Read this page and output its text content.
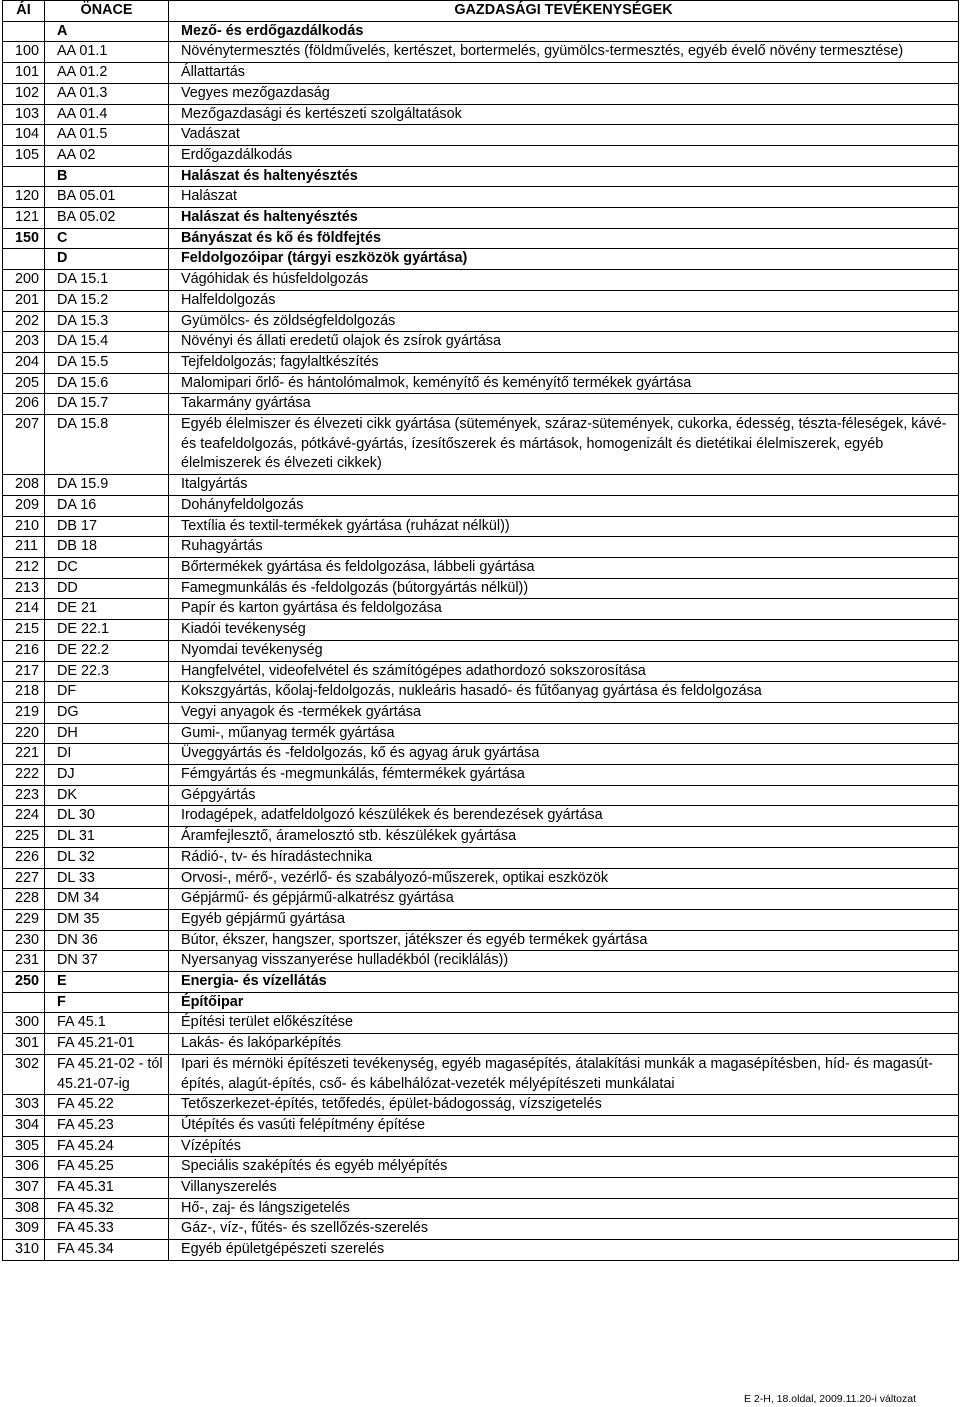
ÁI	ÖNACE	GAZDASÁGI TEVÉKENYSÉGEK
	A	Mező- és erdőgazdálkodás
100	AA 01.1	Növénytermesztés (földművelés, kertészet, bortermelés, gyümölcs-termesztés, egyéb évelő növény termesztése)
101	AA 01.2	Állattartás
102	AA 01.3	Vegyes mezőgazdaság
103	AA 01.4	Mezőgazdasági és kertészeti szolgáltatások
104	AA 01.5	Vadászat
105	AA 02	Erdőgazdálkodás
	B	Halászat és haltenyésztés
120	BA 05.01	Halászat
121	BA 05.02	Halászat és haltenyésztés
150	C	Bányászat és kő és földfejtés
	D	Feldolgozóipar (tárgyi eszközök gyártása)
200	DA 15.1	Vágóhidak és húsfeldolgozás
201	DA 15.2	Halfeldolgozás
202	DA 15.3	Gyümölcs- és zöldségfeldolgozás
203	DA 15.4	Növényi és állati eredetű olajok és zsírok gyártása
204	DA 15.5	Tejfeldolgozás; fagylaltkészítés
205	DA 15.6	Malomipari őrlő- és hántolómalmok, keményítő és keményítő termékek gyártása
206	DA 15.7	Takarmány gyártása
207	DA 15.8	Egyéb élelmiszer és élvezeti cikk gyártása (sütemények, száraz-sütemények, cukorka, édesség, tészta-féleségek, kávé- és teafeldolgozás, pótkávé-gyártás, ízesítőszerek és mártások, homogenizált és dietétikai élelmiszerek, egyéb élelmiszerek és élvezeti cikkek)
208	DA 15.9	Italgyártás
209	DA 16	Dohányfeldolgozás
210	DB 17	Textília és textil-termékek gyártása (ruházat nélkül))
211	DB 18	Ruhagyártás
212	DC	Bőrtermékek gyártása és feldolgozása, lábbeli gyártása
213	DD	Famegmunkálás és -feldolgozás (bútorgyártás nélkül))
214	DE 21	Papír és karton gyártása és feldolgozása
215	DE 22.1	Kiadói tevékenység
216	DE 22.2	Nyomdai tevékenység
217	DE 22.3	Hangfelvétel, videofelvétel és számítógépes adathordozó sokszorosítása
218	DF	Kokszgyártás, kőolaj-feldolgozás, nukleáris hasadó- és fűtőanyag gyártása és feldolgozása
219	DG	Vegyi anyagok és -termékek gyártása
220	DH	Gumi-, műanyag termék gyártása
221	DI	Üveggyártás és -feldolgozás, kő és agyag áruk gyártása
222	DJ	Fémgyártás és -megmunkálás, fémtermékek gyártása
223	DK	Gépgyártás
224	DL 30	Irodagépek, adatfeldolgozó készülékek és berendezések gyártása
225	DL 31	Áramfejlesztő, áramelosztó stb. készülékek gyártása
226	DL 32	Rádió-, tv- és híradástechnika
227	DL 33	Orvosi-, mérő-, vezérlő- és szabályozó-műszerek, optikai eszközök
228	DM 34	Gépjármű- és gépjármű-alkatrész gyártása
229	DM 35	Egyéb gépjármű gyártása
230	DN 36	Bútor, ékszer, hangszer, sportszer, játékszer és egyéb termékek gyártása
231	DN 37	Nyersanyag visszanyerése hulladékból (reciklálás))
250	E	Energia- és vízellátás
	F	Építőipar
300	FA 45.1	Építési terület előkészítése
301	FA 45.21-01	Lakás- és lakóparképítés
302	FA 45.21-02 - tól 45.21-07-ig	Ipari és mérnöki építészeti tevékenység, egyéb magasépítés, átalakítási munkák a magasépítésben, híd- és magasút-építés, alagút-építés, cső- és kábelhálózat-vezeték mélyépítészeti munkálatai
303	FA 45.22	Tetőszerkezet-építés, tetőfedés, épület-bádogosság, vízszigetelés
304	FA 45.23	Útépítés és vasúti felépítmény építése
305	FA 45.24	Vízépítés
306	FA 45.25	Speciális szaképítés és egyéb mélyépítés
307	FA 45.31	Villanyszerelés
308	FA 45.32	Hő-, zaj- és lángszigetelés
309	FA 45.33	Gáz-, víz-, fűtés- és szellőzés-szerelés
310	FA 45.34	Egyéb épületgépészeti szerelés
E 2-H, 18.oldal, 2009.11.20-i változat
